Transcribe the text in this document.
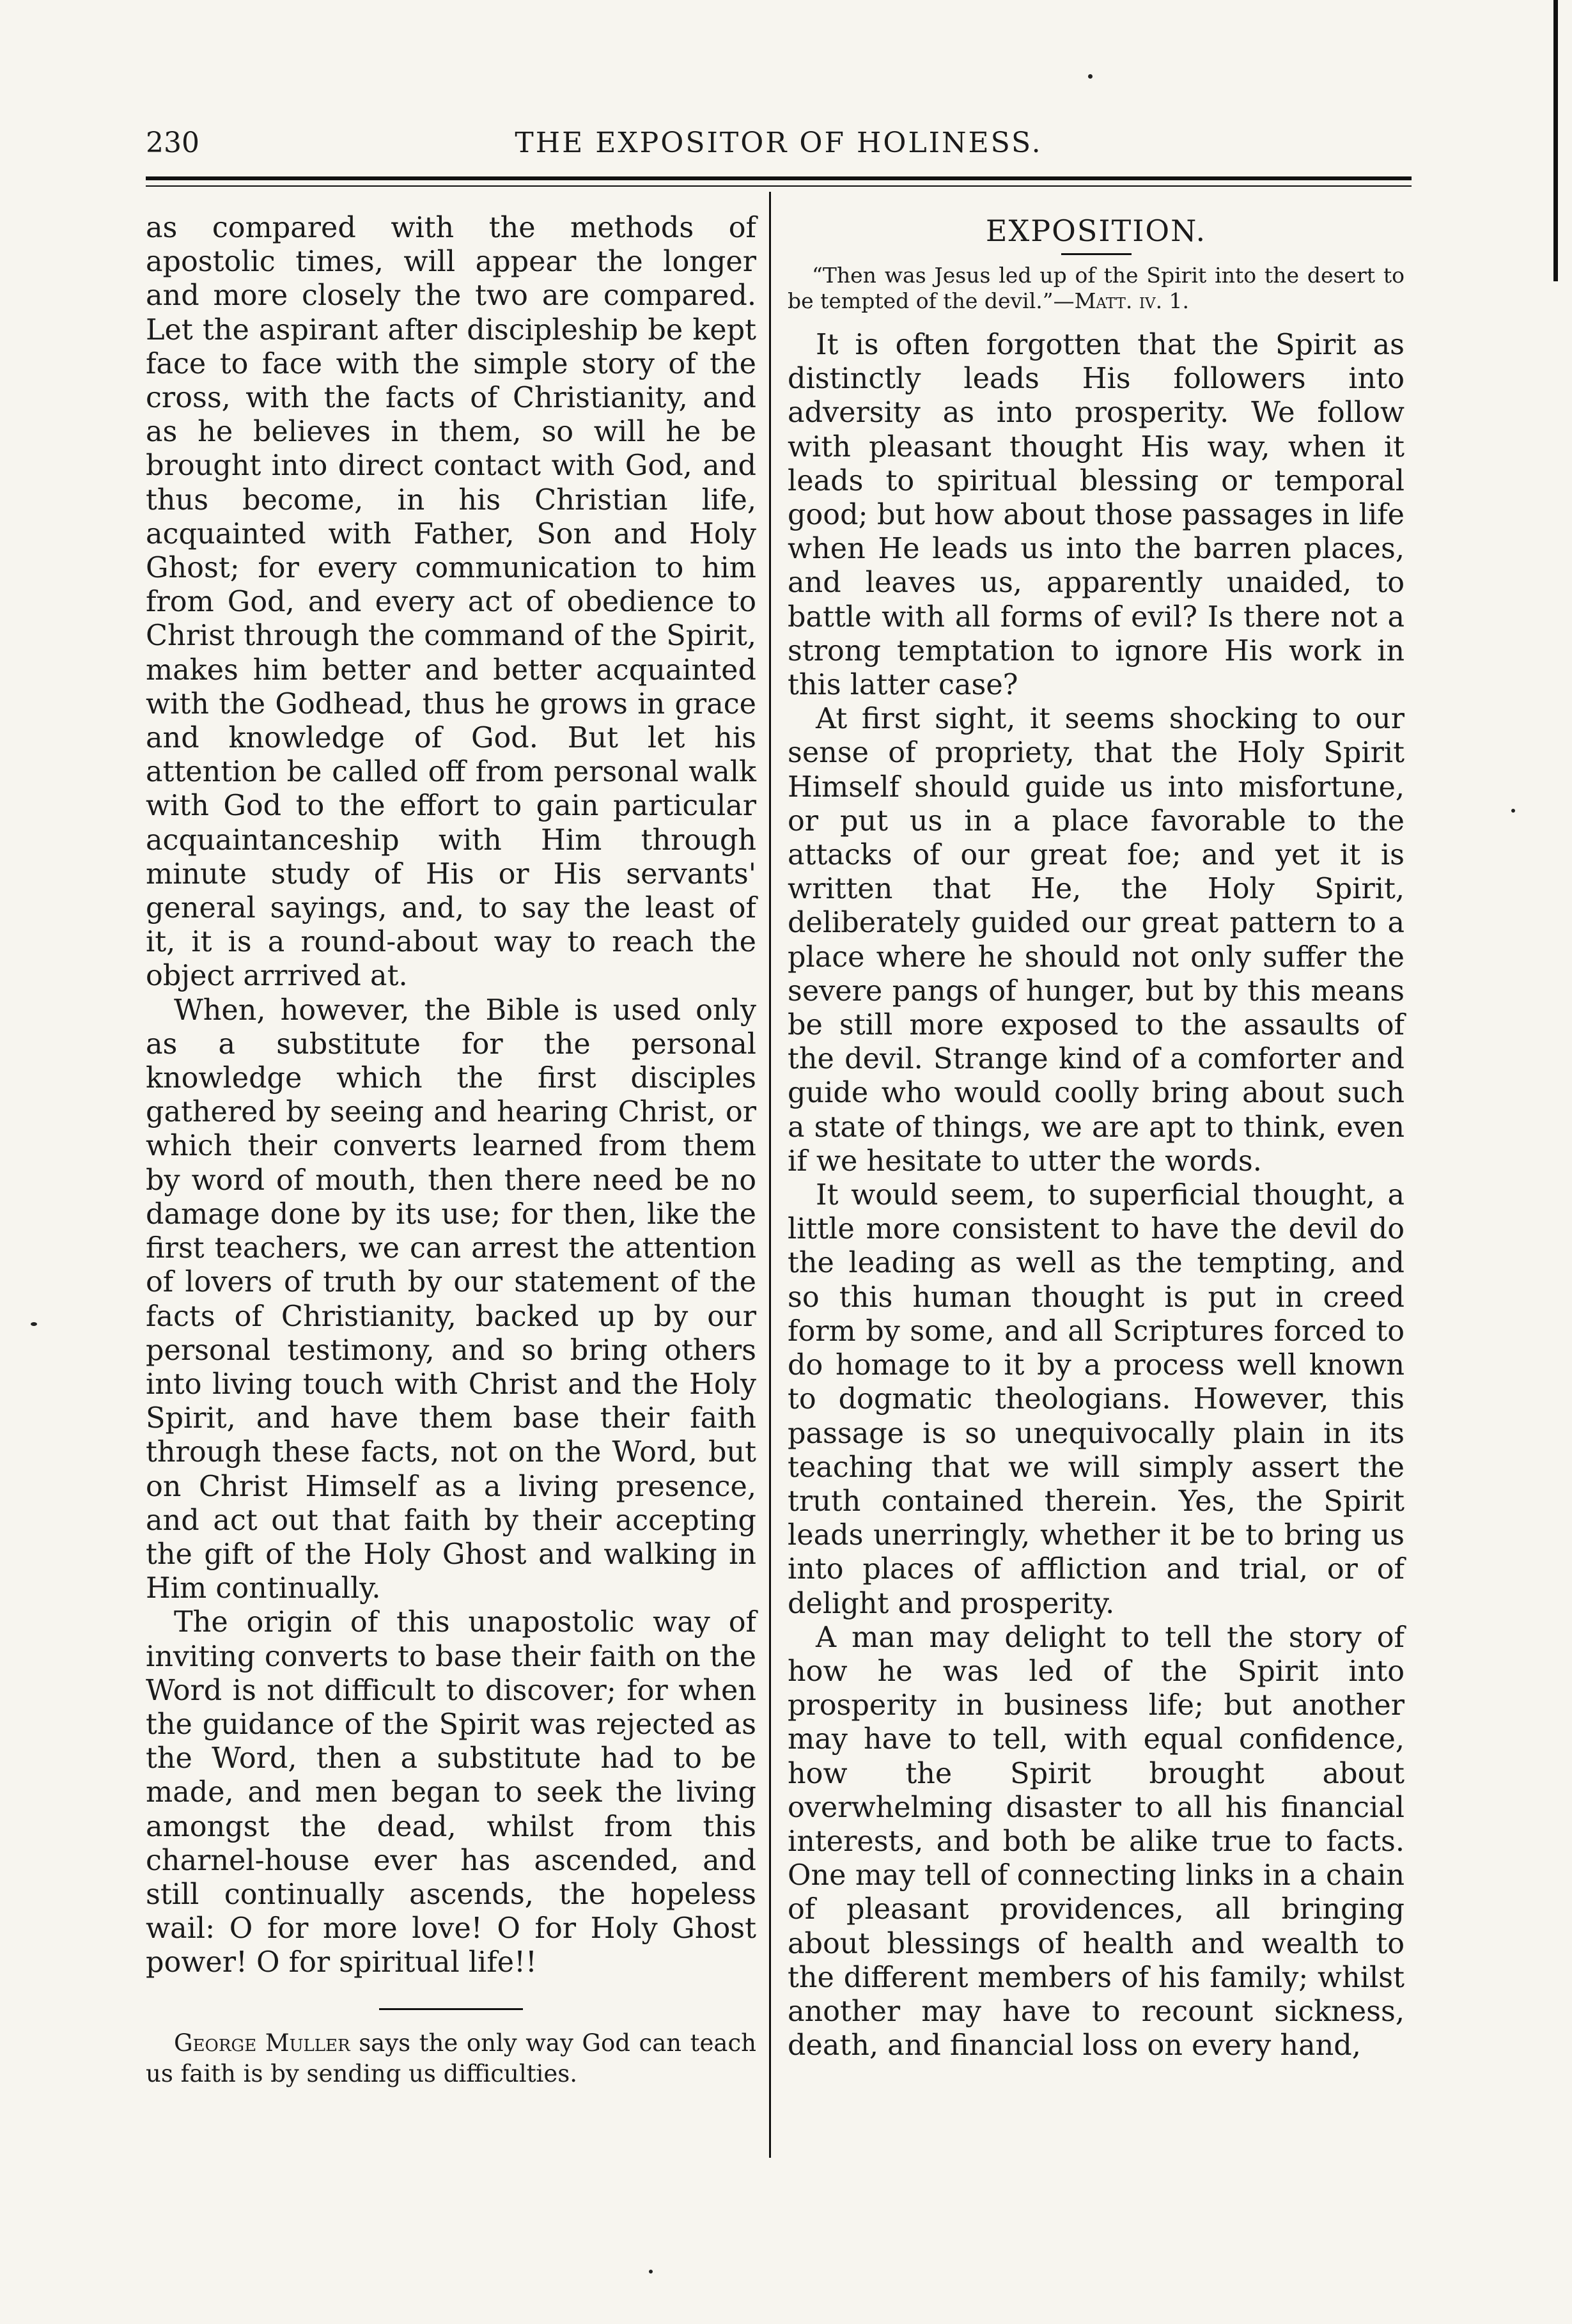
230	THE EXPOSITOR OF HOLINESS.

as compared with the methods of apostolic times, will appear the longer and more closely the two are compared. Let the aspirant after discipleship be kept face to face with the simple story of the cross, with the facts of Christianity, and as he believes in them, so will he be brought into direct contact with God, and thus become, in his Christian life, acquainted with Father, Son and Holy Ghost; for every communication to him from God, and every act of obedience to Christ through the command of the Spirit, makes him better and better acquainted with the Godhead, thus he grows in grace and knowledge of God. But let his attention be called off from personal walk with God to the effort to gain particular acquaintanceship with Him through minute study of His or His servants' general sayings, and, to say the least of it, it is a round-about way to reach the object arrrived at.

When, however, the Bible is used only as a substitute for the personal knowledge which the first disciples gathered by seeing and hearing Christ, or which their converts learned from them by word of mouth, then there need be no damage done by its use; for then, like the first teachers, we can arrest the attention of lovers of truth by our statement of the facts of Christianity, backed up by our personal testimony, and so bring others into living touch with Christ and the Holy Spirit, and have them base their faith through these facts, not on the Word, but on Christ Himself as a living presence, and act out that faith by their accepting the gift of the Holy Ghost and walking in Him continually.

The origin of this unapostolic way of inviting converts to base their faith on the Word is not difficult to discover; for when the guidance of the Spirit was rejected as the Word, then a substitute had to be made, and men began to seek the living amongst the dead, whilst from this charnel-house ever has ascended, and still continually ascends, the hopeless wail: O for more love! O for Holy Ghost power! O for spiritual life!!

George Muller says the only way God can teach us faith is by sending us difficulties.

EXPOSITION.
“Then was Jesus led up of the Spirit into the desert to be tempted of the devil.”—Matt. iv. 1.

It is often forgotten that the Spirit as distinctly leads His followers into adversity as into prosperity. We follow with pleasant thought His way, when it leads to spiritual blessing or temporal good; but how about those passages in life when He leads us into the barren places, and leaves us, apparently unaided, to battle with all forms of evil? Is there not a strong temptation to ignore His work in this latter case?

At first sight, it seems shocking to our sense of propriety, that the Holy Spirit Himself should guide us into misfortune, or put us in a place favorable to the attacks of our great foe; and yet it is written that He, the Holy Spirit, deliberately guided our great pattern to a place where he should not only suffer the severe pangs of hunger, but by this means be still more exposed to the assaults of the devil. Strange kind of a comforter and guide who would coolly bring about such a state of things, we are apt to think, even if we hesitate to utter the words.

It would seem, to superficial thought, a little more consistent to have the devil do the leading as well as the tempting, and so this human thought is put in creed form by some, and all Scriptures forced to do homage to it by a process well known to dogmatic theologians. However, this passage is so unequivocally plain in its teaching that we will simply assert the truth contained therein. Yes, the Spirit leads unerringly, whether it be to bring us into places of affliction and trial, or of delight and prosperity.

A man may delight to tell the story of how he was led of the Spirit into prosperity in business life; but another may have to tell, with equal confidence, how the Spirit brought about overwhelming disaster to all his financial interests, and both be alike true to facts. One may tell of connecting links in a chain of pleasant providences, all bringing about blessings of health and wealth to the different members of his family; whilst another may have to recount sickness, death, and financial loss on every hand,
